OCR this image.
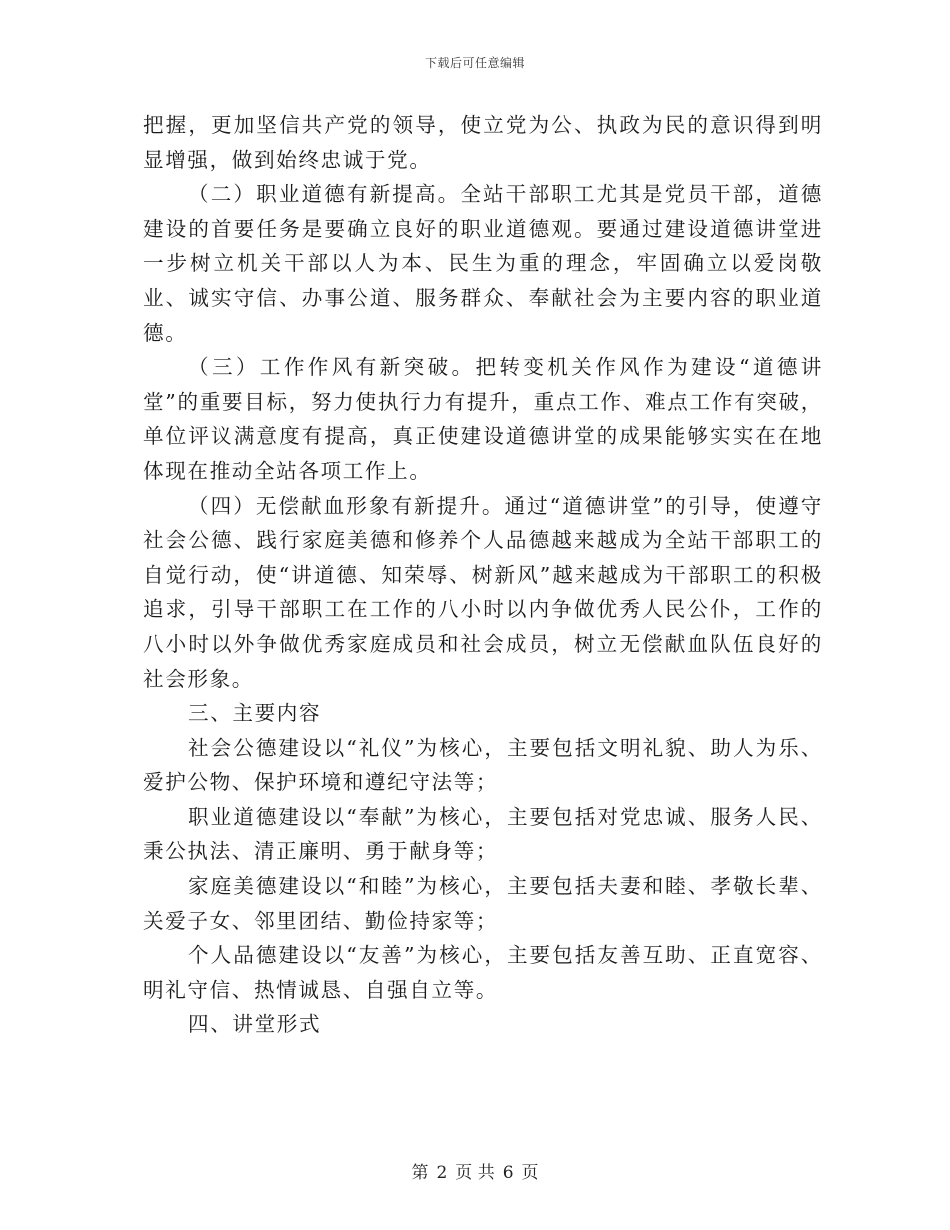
下载后可任意编辑

把握，更加坚信共产党的领导，使立党为公、执政为民的意识得到明显增强，做到始终忠诚于党。

（二）职业道德有新提高。全站干部职工尤其是党员干部，道德建设的首要任务是要确立良好的职业道德观。要通过建设道德讲堂进一步树立机关干部以人为本、民生为重的理念，牢固确立以爱岗敬业、诚实守信、办事公道、服务群众、奉献社会为主要内容的职业道德。

（三）工作作风有新突破。把转变机关作风作为建设“道德讲堂”的重要目标，努力使执行力有提升，重点工作、难点工作有突破，单位评议满意度有提高，真正使建设道德讲堂的成果能够实实在在地体现在推动全站各项工作上。

（四）无偿献血形象有新提升。通过“道德讲堂”的引导，使遵守社会公德、践行家庭美德和修养个人品德越来越成为全站干部职工的自觉行动，使“讲道德、知荣辱、树新风”越来越成为干部职工的积极追求，引导干部职工在工作的八小时以内争做优秀人民公仆，工作的八小时以外争做优秀家庭成员和社会成员，树立无偿献血队伍良好的社会形象。

三、主要内容

社会公德建设以“礼仪”为核心，主要包括文明礼貌、助人为乐、爱护公物、保护环境和遵纪守法等；

职业道德建设以“奉献”为核心，主要包括对党忠诚、服务人民、秉公执法、清正廉明、勇于献身等；

家庭美德建设以“和睦”为核心，主要包括夫妻和睦、孝敬长辈、关爱子女、邻里团结、勤俭持家等；

个人品德建设以“友善”为核心，主要包括友善互助、正直宽容、明礼守信、热情诚恳、自强自立等。

四、讲堂形式

第 2 页 共 6 页
